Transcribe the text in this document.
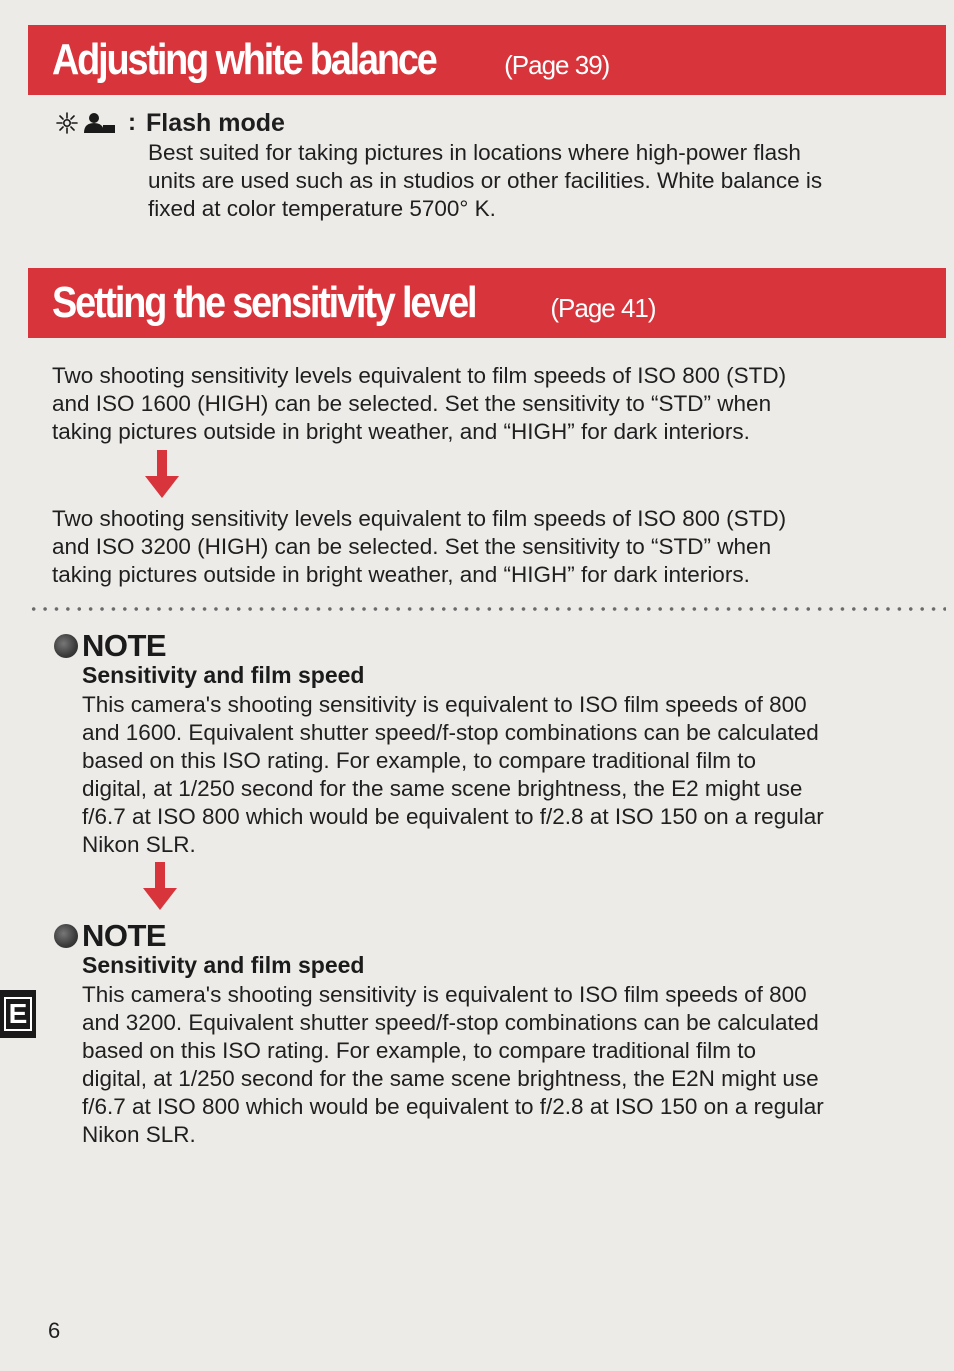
Adjusting white balance	(Page 39)
: Flash mode
Best suited for taking pictures in locations where high-power flash
units are used such as in studios or other facilities. White balance is
fixed at color temperature 5700° K.
Setting the sensitivity level	(Page 41)
Two shooting sensitivity levels equivalent to film speeds of ISO 800 (STD)
and ISO 1600 (HIGH) can be selected. Set the sensitivity to “STD” when
taking pictures outside in bright weather, and “HIGH” for dark interiors.
Two shooting sensitivity levels equivalent to film speeds of ISO 800 (STD)
and ISO 3200 (HIGH) can be selected. Set the sensitivity to “STD” when
taking pictures outside in bright weather, and “HIGH” for dark interiors.
NOTE
Sensitivity and film speed
This camera's shooting sensitivity is equivalent to ISO film speeds of 800
and 1600. Equivalent shutter speed/f-stop combinations can be calculated
based on this ISO rating. For example, to compare traditional film to
digital, at 1/250 second for the same scene brightness, the E2 might use
f/6.7 at ISO 800 which would be equivalent to f/2.8 at ISO 150 on a regular
Nikon SLR.
NOTE
Sensitivity and film speed
This camera's shooting sensitivity is equivalent to ISO film speeds of 800
and 3200. Equivalent shutter speed/f-stop combinations can be calculated
based on this ISO rating. For example, to compare traditional film to
digital, at 1/250 second for the same scene brightness, the E2N might use
f/6.7 at ISO 800 which would be equivalent to f/2.8 at ISO 150 on a regular
Nikon SLR.
E
6
